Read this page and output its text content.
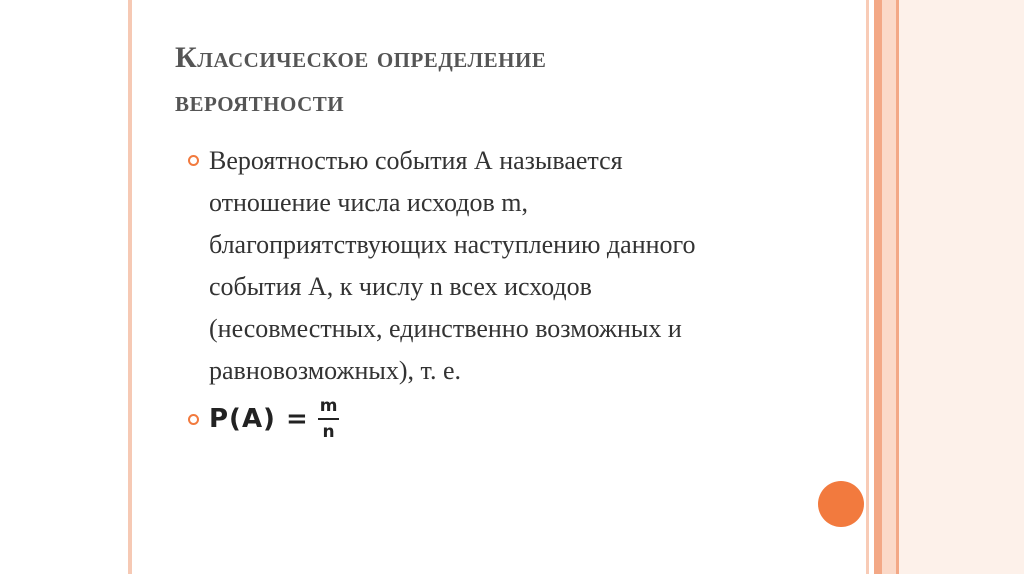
Классическое определение
вероятности

Вероятностью события А называется
отношение числа исходов m,
благоприятствующих наступлению данного
события А, к числу n всех исходов
(несовместных, единственно возможных и
равновозможных), т. е.

$P(A) = \frac{m}{n}$
